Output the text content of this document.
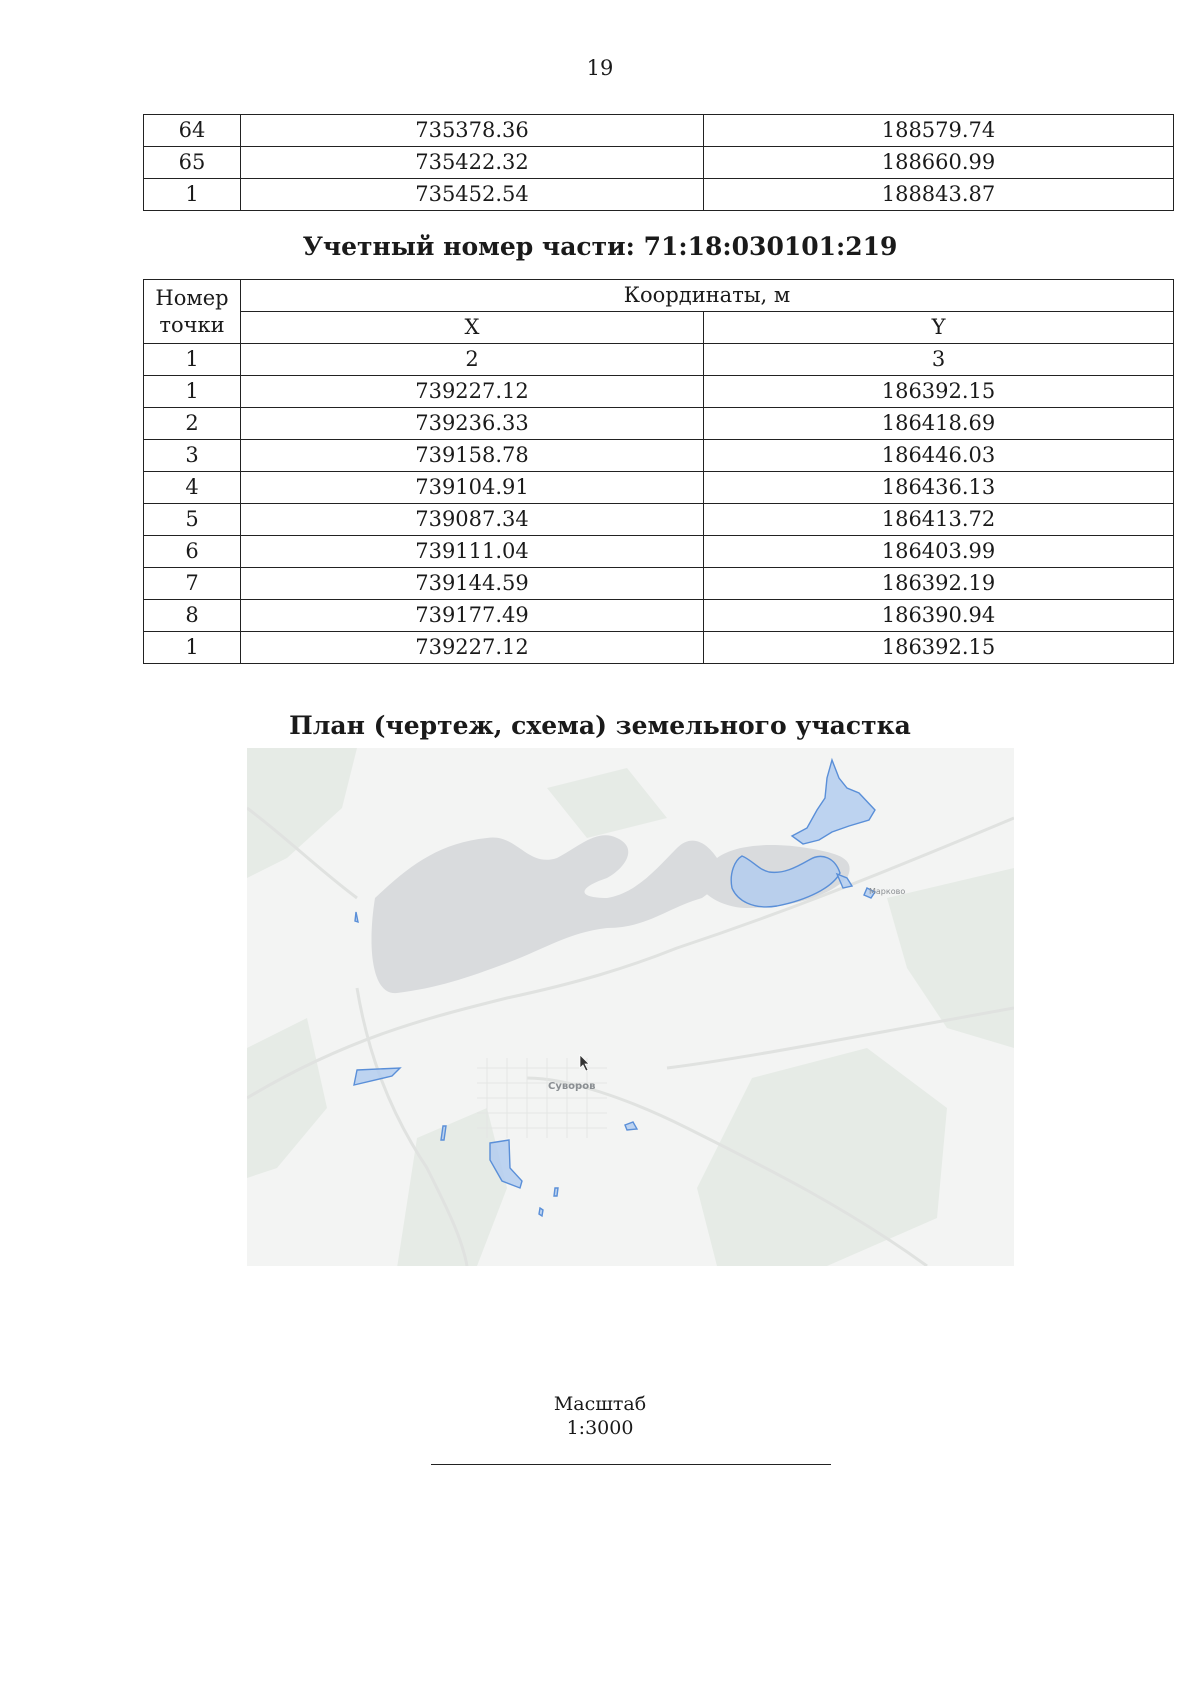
19
64	735378.36	188579.74
65	735422.32	188660.99
1	735452.54	188843.87
Учетный номер части: 71:18:030101:219
Номер точки	Координаты, м	
	X	Y
1	2	3
1	739227.12	186392.15
2	739236.33	186418.69
3	739158.78	186446.03
4	739104.91	186436.13
5	739087.34	186413.72
6	739111.04	186403.99
7	739144.59	186392.19
8	739177.49	186390.94
1	739227.12	186392.15
План (чертеж, схема) земельного участка
Суворов
Марково
Масштаб
1:3000
